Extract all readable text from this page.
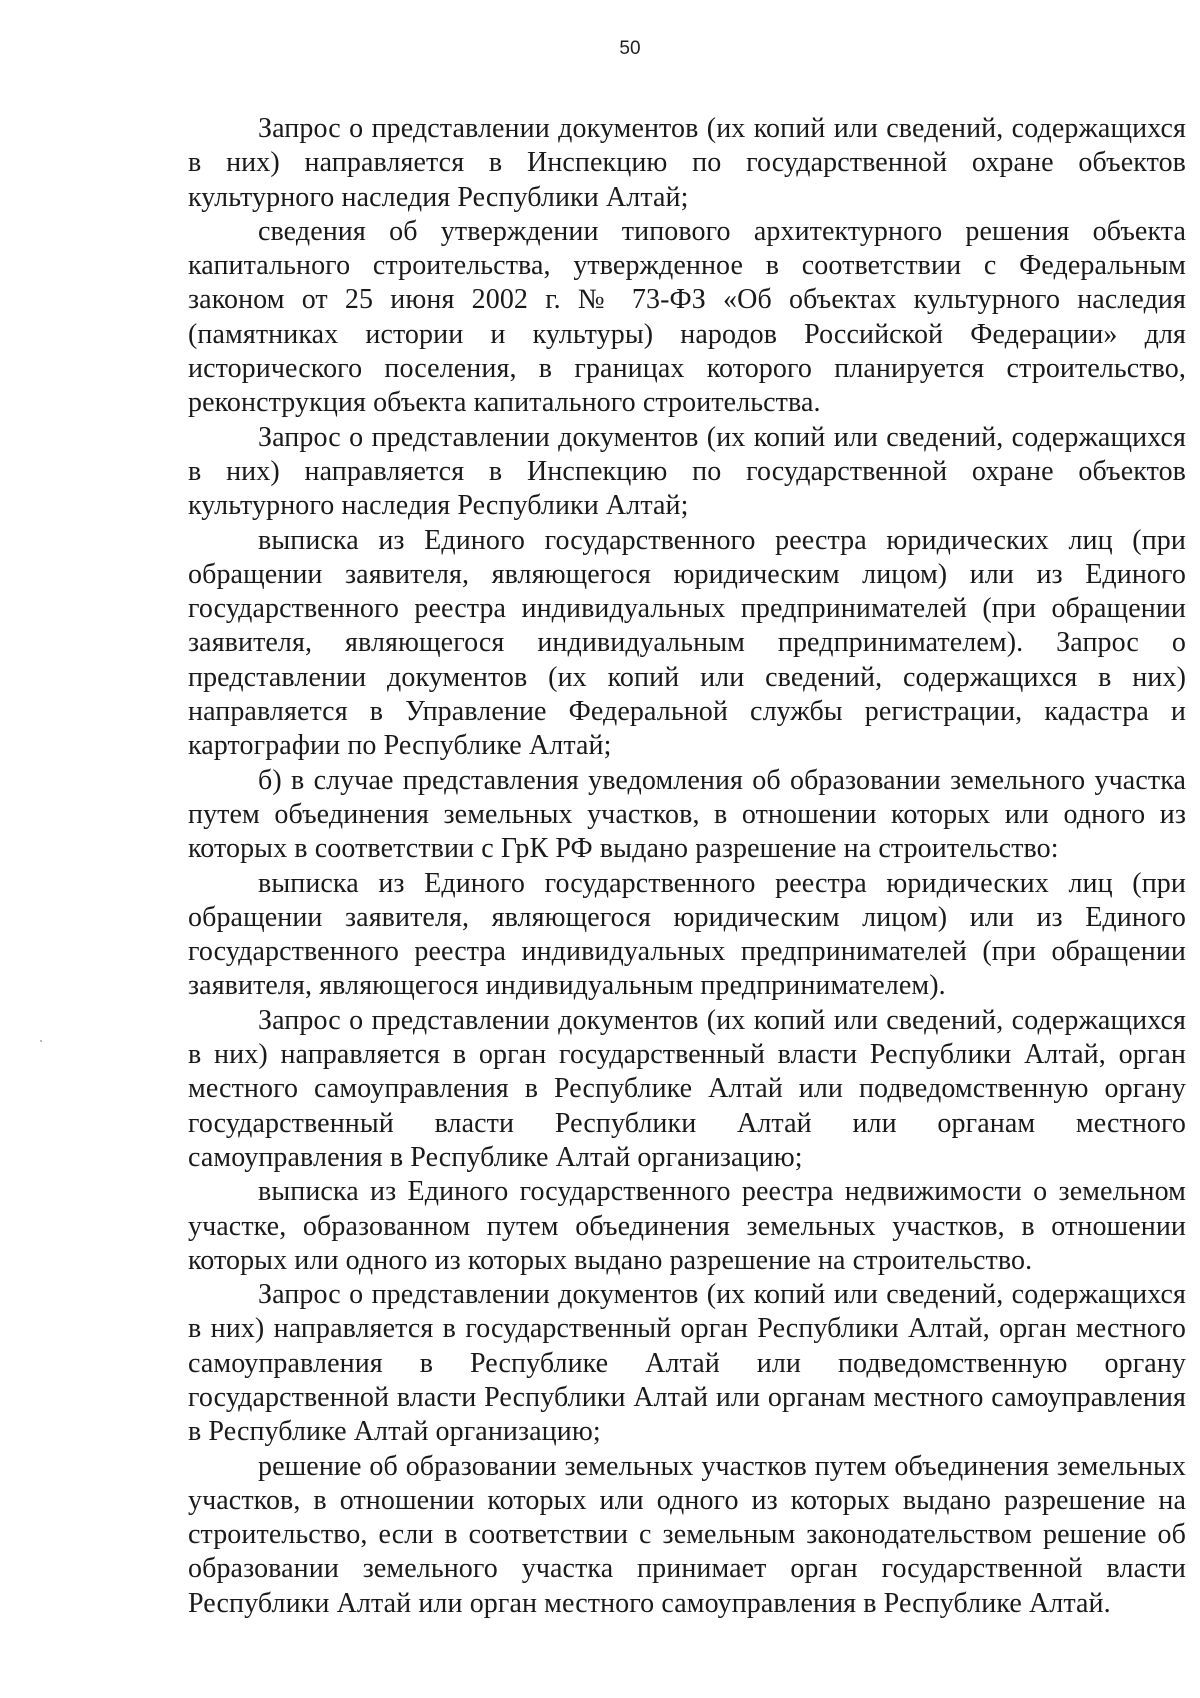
50

Запрос о представлении документов (их копий или сведений, содержащихся в них) направляется в Инспекцию по государственной охране объектов культурного наследия Республики Алтай;

сведения об утверждении типового архитектурного решения объекта капитального строительства, утвержденное в соответствии с Федеральным законом от 25 июня 2002 г. № 73-ФЗ «Об объектах культурного наследия (памятниках истории и культуры) народов Российской Федерации» для исторического поселения, в границах которого планируется строительство, реконструкция объекта капитального строительства.

Запрос о представлении документов (их копий или сведений, содержащихся в них) направляется в Инспекцию по государственной охране объектов культурного наследия Республики Алтай;

выписка из Единого государственного реестра юридических лиц (при обращении заявителя, являющегося юридическим лицом) или из Единого государственного реестра индивидуальных предпринимателей (при обращении заявителя, являющегося индивидуальным предпринимателем). Запрос о представлении документов (их копий или сведений, содержащихся в них) направляется в Управление Федеральной службы регистрации, кадастра и картографии по Республике Алтай;

б) в случае представления уведомления об образовании земельного участка путем объединения земельных участков, в отношении которых или одного из которых в соответствии с ГрК РФ выдано разрешение на строительство:

выписка из Единого государственного реестра юридических лиц (при обращении заявителя, являющегося юридическим лицом) или из Единого государственного реестра индивидуальных предпринимателей (при обращении заявителя, являющегося индивидуальным предпринимателем).

Запрос о представлении документов (их копий или сведений, содержащихся в них) направляется в орган государственный власти Республики Алтай, орган местного самоуправления в Республике Алтай или подведомственную органу государственный власти Республики Алтай или органам местного самоуправления в Республике Алтай организацию;

выписка из Единого государственного реестра недвижимости о земельном участке, образованном путем объединения земельных участков, в отношении которых или одного из которых выдано разрешение на строительство.

Запрос о представлении документов (их копий или сведений, содержащихся в них) направляется в государственный орган Республики Алтай, орган местного самоуправления в Республике Алтай или подведомственную органу государственной власти Республики Алтай или органам местного самоуправления в Республике Алтай организацию;

решение об образовании земельных участков путем объединения земельных участков, в отношении которых или одного из которых выдано разрешение на строительство, если в соответствии с земельным законодательством решение об образовании земельного участка принимает орган государственной власти Республики Алтай или орган местного самоуправления в Республике Алтай.
